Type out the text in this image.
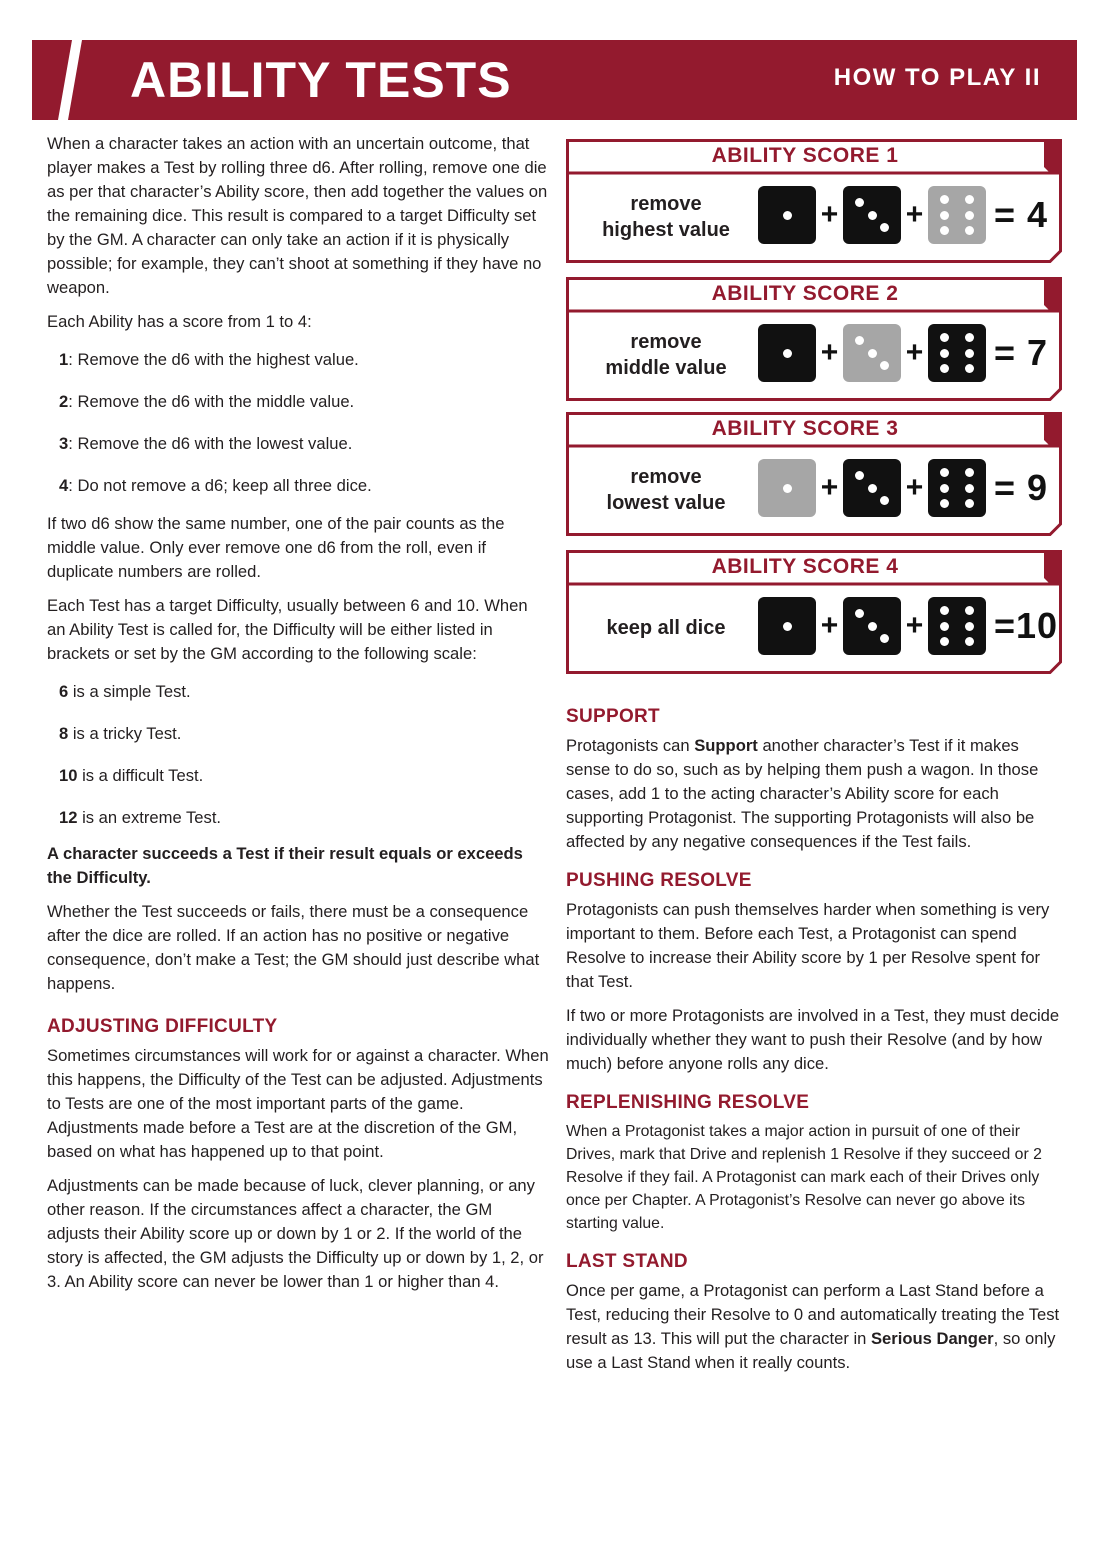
ABILITY TESTS	HOW TO PLAY II

When a character takes an action with an uncertain outcome, that player makes a Test by rolling three d6. After rolling, remove one die as per that character’s Ability score, then add together the values on the remaining dice. This result is compared to a target Difficulty set by the GM. A character can only take an action if it is physically possible; for example, they can’t shoot at something if they have no weapon.

Each Ability has a score from 1 to 4:

1: Remove the d6 with the highest value.
2: Remove the d6 with the middle value.
3: Remove the d6 with the lowest value.
4: Do not remove a d6; keep all three dice.

If two d6 show the same number, one of the pair counts as the middle value. Only ever remove one d6 from the roll, even if duplicate numbers are rolled.

Each Test has a target Difficulty, usually between 6 and 10. When an Ability Test is called for, the Difficulty will be either listed in brackets or set by the GM according to the following scale:

6 is a simple Test.
8 is a tricky Test.
10 is a difficult Test.
12 is an extreme Test.

A character succeeds a Test if their result equals or exceeds the Difficulty.

Whether the Test succeeds or fails, there must be a consequence after the dice are rolled. If an action has no positive or negative consequence, don’t make a Test; the GM should just describe what happens.

ADJUSTING DIFFICULTY

Sometimes circumstances will work for or against a character. When this happens, the Difficulty of the Test can be adjusted. Adjustments to Tests are one of the most important parts of the game. Adjustments made before a Test are at the discretion of the GM, based on what has happened up to that point.

Adjustments can be made because of luck, clever planning, or any other reason. If the circumstances affect a character, the GM adjusts their Ability score up or down by 1 or 2. If the world of the story is affected, the GM adjusts the Difficulty up or down by 1, 2, or 3. An Ability score can never be lower than 1 or higher than 4.

ABILITY SCORE 1
remove
highest value	+ + = 4
ABILITY SCORE 2
remove
middle value	+ + = 7
ABILITY SCORE 3
remove
lowest value	+ + = 9
ABILITY SCORE 4
keep all dice	+ + =10
SUPPORT

Protagonists can Support another character’s Test if it makes sense to do so, such as by helping them push a wagon. In those cases, add 1 to the acting character’s Ability score for each supporting Protagonist. The supporting Protagonists will also be affected by any negative consequences if the Test fails.

PUSHING RESOLVE

Protagonists can push themselves harder when something is very important to them. Before each Test, a Protagonist can spend Resolve to increase their Ability score by 1 per Resolve spent for that Test.

If two or more Protagonists are involved in a Test, they must decide individually whether they want to push their Resolve (and by how much) before anyone rolls any dice.

REPLENISHING RESOLVE

When a Protagonist takes a major action in pursuit of one of their Drives, mark that Drive and replenish 1 Resolve if they succeed or 2 Resolve if they fail. A Protagonist can mark each of their Drives only once per Chapter. A Protagonist’s Resolve can never go above its starting value.

LAST STAND

Once per game, a Protagonist can perform a Last Stand before a Test, reducing their Resolve to 0 and automatically treating the Test result as 13. This will put the character in Serious Danger, so only use a Last Stand when it really counts.
